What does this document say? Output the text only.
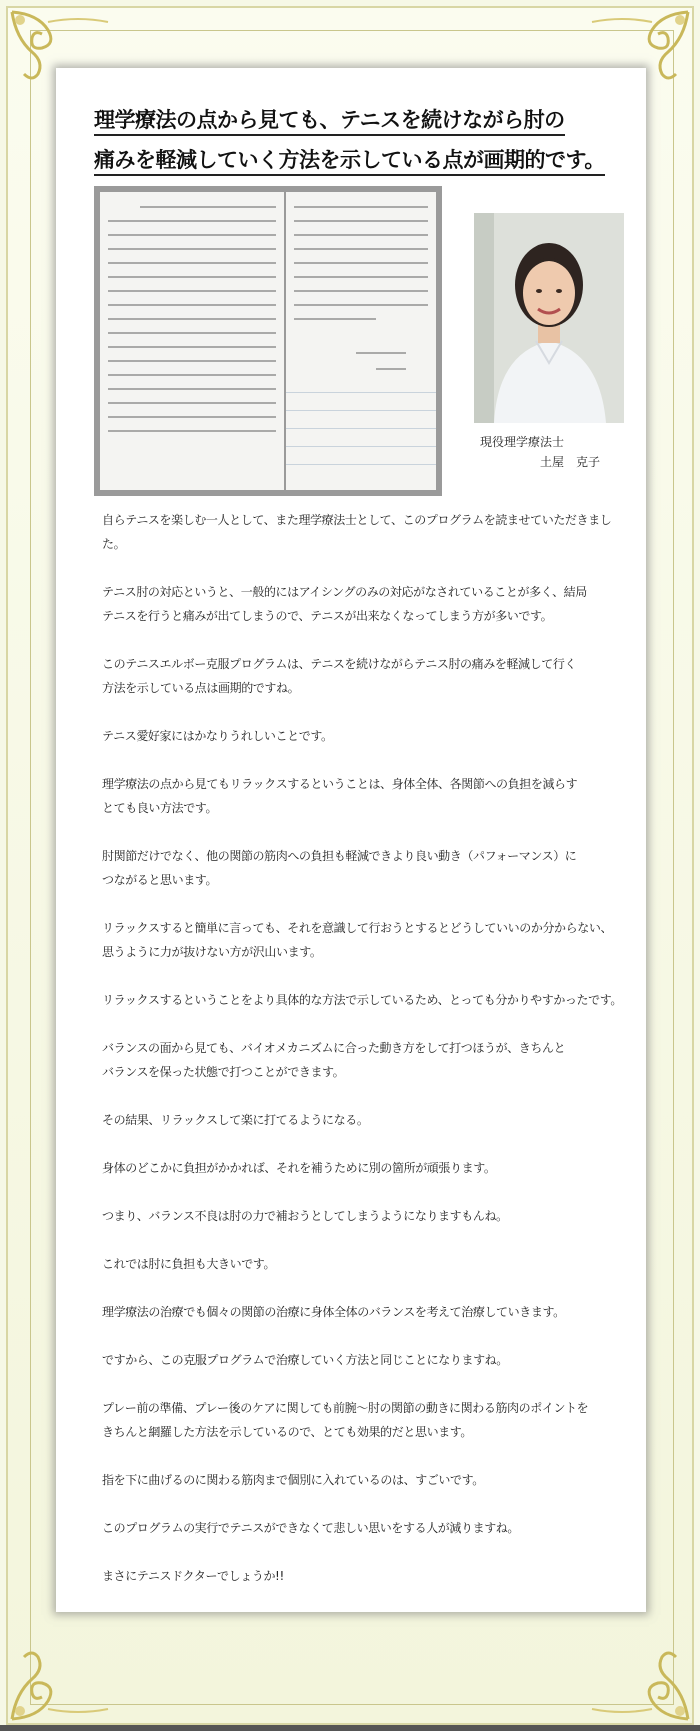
理学療法の点から見ても、テニスを続けながら肘の
痛みを軽減していく方法を示している点が画期的です。
現役理学療法士
土屋　克子

自らテニスを楽しむ一人として、また理学療法士として、このプログラムを読ませていただきました。

テニス肘の対応というと、一般的にはアイシングのみの対応がなされていることが多く、結局
テニスを行うと痛みが出てしまうので、テニスが出来なくなってしまう方が多いです。

このテニスエルボー克服プログラムは、テニスを続けながらテニス肘の痛みを軽減して行く
方法を示している点は画期的ですね。

テニス愛好家にはかなりうれしいことです。

理学療法の点から見てもリラックスするということは、身体全体、各関節への負担を減らす
とても良い方法です。

肘関節だけでなく、他の関節の筋肉への負担も軽減できより良い動き（パフォーマンス）に
つながると思います。

リラックスすると簡単に言っても、それを意識して行おうとするとどうしていいのか分からない、
思うように力が抜けない方が沢山います。

リラックスするということをより具体的な方法で示しているため、とっても分かりやすかったです。

バランスの面から見ても、バイオメカニズムに合った動き方をして打つほうが、きちんと
バランスを保った状態で打つことができます。

その結果、リラックスして楽に打てるようになる。

身体のどこかに負担がかかれば、それを補うために別の箇所が頑張ります。

つまり、バランス不良は肘の力で補おうとしてしまうようになりますもんね。

これでは肘に負担も大きいです。

理学療法の治療でも個々の関節の治療に身体全体のバランスを考えて治療していきます。

ですから、この克服プログラムで治療していく方法と同じことになりますね。

プレー前の準備、プレー後のケアに関しても前腕～肘の関節の動きに関わる筋肉のポイントを
きちんと網羅した方法を示しているので、とても効果的だと思います。

指を下に曲げるのに関わる筋肉まで個別に入れているのは、すごいです。

このプログラムの実行でテニスができなくて悲しい思いをする人が減りますね。

まさにテニスドクターでしょうか!!
